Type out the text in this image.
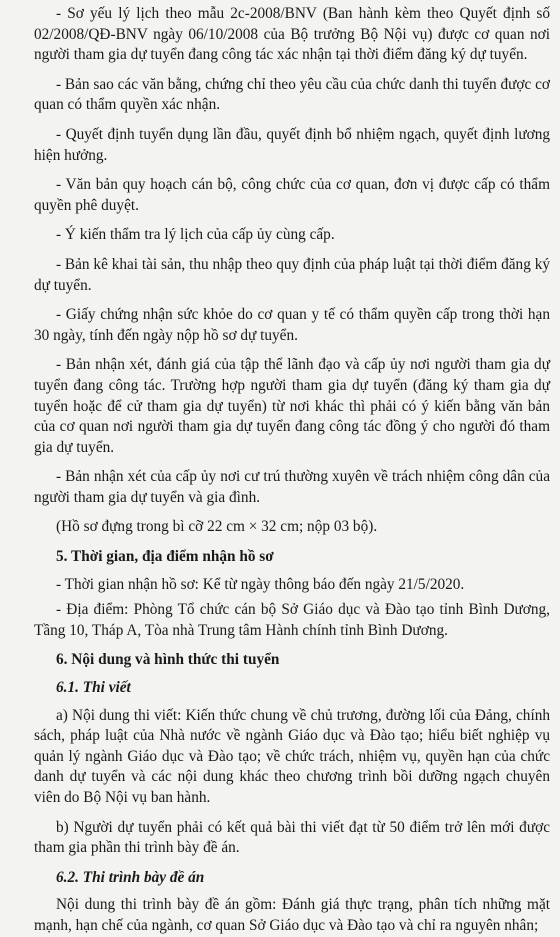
- Sơ yếu lý lịch theo mẫu 2c-2008/BNV (Ban hành kèm theo Quyết định số 02/2008/QĐ-BNV ngày 06/10/2008 của Bộ trưởng Bộ Nội vụ) được cơ quan nơi người tham gia dự tuyển đang công tác xác nhận tại thời điểm đăng ký dự tuyển.

- Bản sao các văn bằng, chứng chỉ theo yêu cầu của chức danh thi tuyển được cơ quan có thẩm quyền xác nhận.

- Quyết định tuyển dụng lần đầu, quyết định bổ nhiệm ngạch, quyết định lương hiện hưởng.

- Văn bản quy hoạch cán bộ, công chức của cơ quan, đơn vị được cấp có thẩm quyền phê duyệt.

- Ý kiến thẩm tra lý lịch của cấp ủy cùng cấp.

- Bản kê khai tài sản, thu nhập theo quy định của pháp luật tại thời điểm đăng ký dự tuyển.

- Giấy chứng nhận sức khỏe do cơ quan y tế có thẩm quyền cấp trong thời hạn 30 ngày, tính đến ngày nộp hồ sơ dự tuyển.

- Bản nhận xét, đánh giá của tập thể lãnh đạo và cấp ủy nơi người tham gia dự tuyển đang công tác. Trường hợp người tham gia dự tuyển (đăng ký tham gia dự tuyển hoặc để cử tham gia dự tuyển) từ nơi khác thì phải có ý kiến bằng văn bản của cơ quan nơi người tham gia dự tuyển đang công tác đồng ý cho người đó tham gia dự tuyển.

- Bản nhận xét của cấp ủy nơi cư trú thường xuyên về trách nhiệm công dân của người tham gia dự tuyển và gia đình.

(Hồ sơ đựng trong bì cỡ 22 cm × 32 cm; nộp 03 bộ).

5. Thời gian, địa điểm nhận hồ sơ

- Thời gian nhận hồ sơ: Kể từ ngày thông báo đến ngày 21/5/2020.

- Địa điểm: Phòng Tổ chức cán bộ Sở Giáo dục và Đào tạo tỉnh Bình Dương, Tầng 10, Tháp A, Tòa nhà Trung tâm Hành chính tỉnh Bình Dương.

6. Nội dung và hình thức thi tuyển

6.1. Thi viết

a) Nội dung thi viết: Kiến thức chung về chủ trương, đường lối của Đảng, chính sách, pháp luật của Nhà nước về ngành Giáo dục và Đào tạo; hiểu biết nghiệp vụ quản lý ngành Giáo dục và Đào tạo; về chức trách, nhiệm vụ, quyền hạn của chức danh dự tuyển và các nội dung khác theo chương trình bồi dưỡng ngạch chuyên viên do Bộ Nội vụ ban hành.

b) Người dự tuyển phải có kết quả bài thi viết đạt từ 50 điểm trở lên mới được tham gia phần thi trình bày đề án.

6.2. Thi trình bày đề án

Nội dung thi trình bày đề án gồm: Đánh giá thực trạng, phân tích những mặt mạnh, hạn chế của ngành, cơ quan Sở Giáo dục và Đào tạo và chỉ ra nguyên nhân;
